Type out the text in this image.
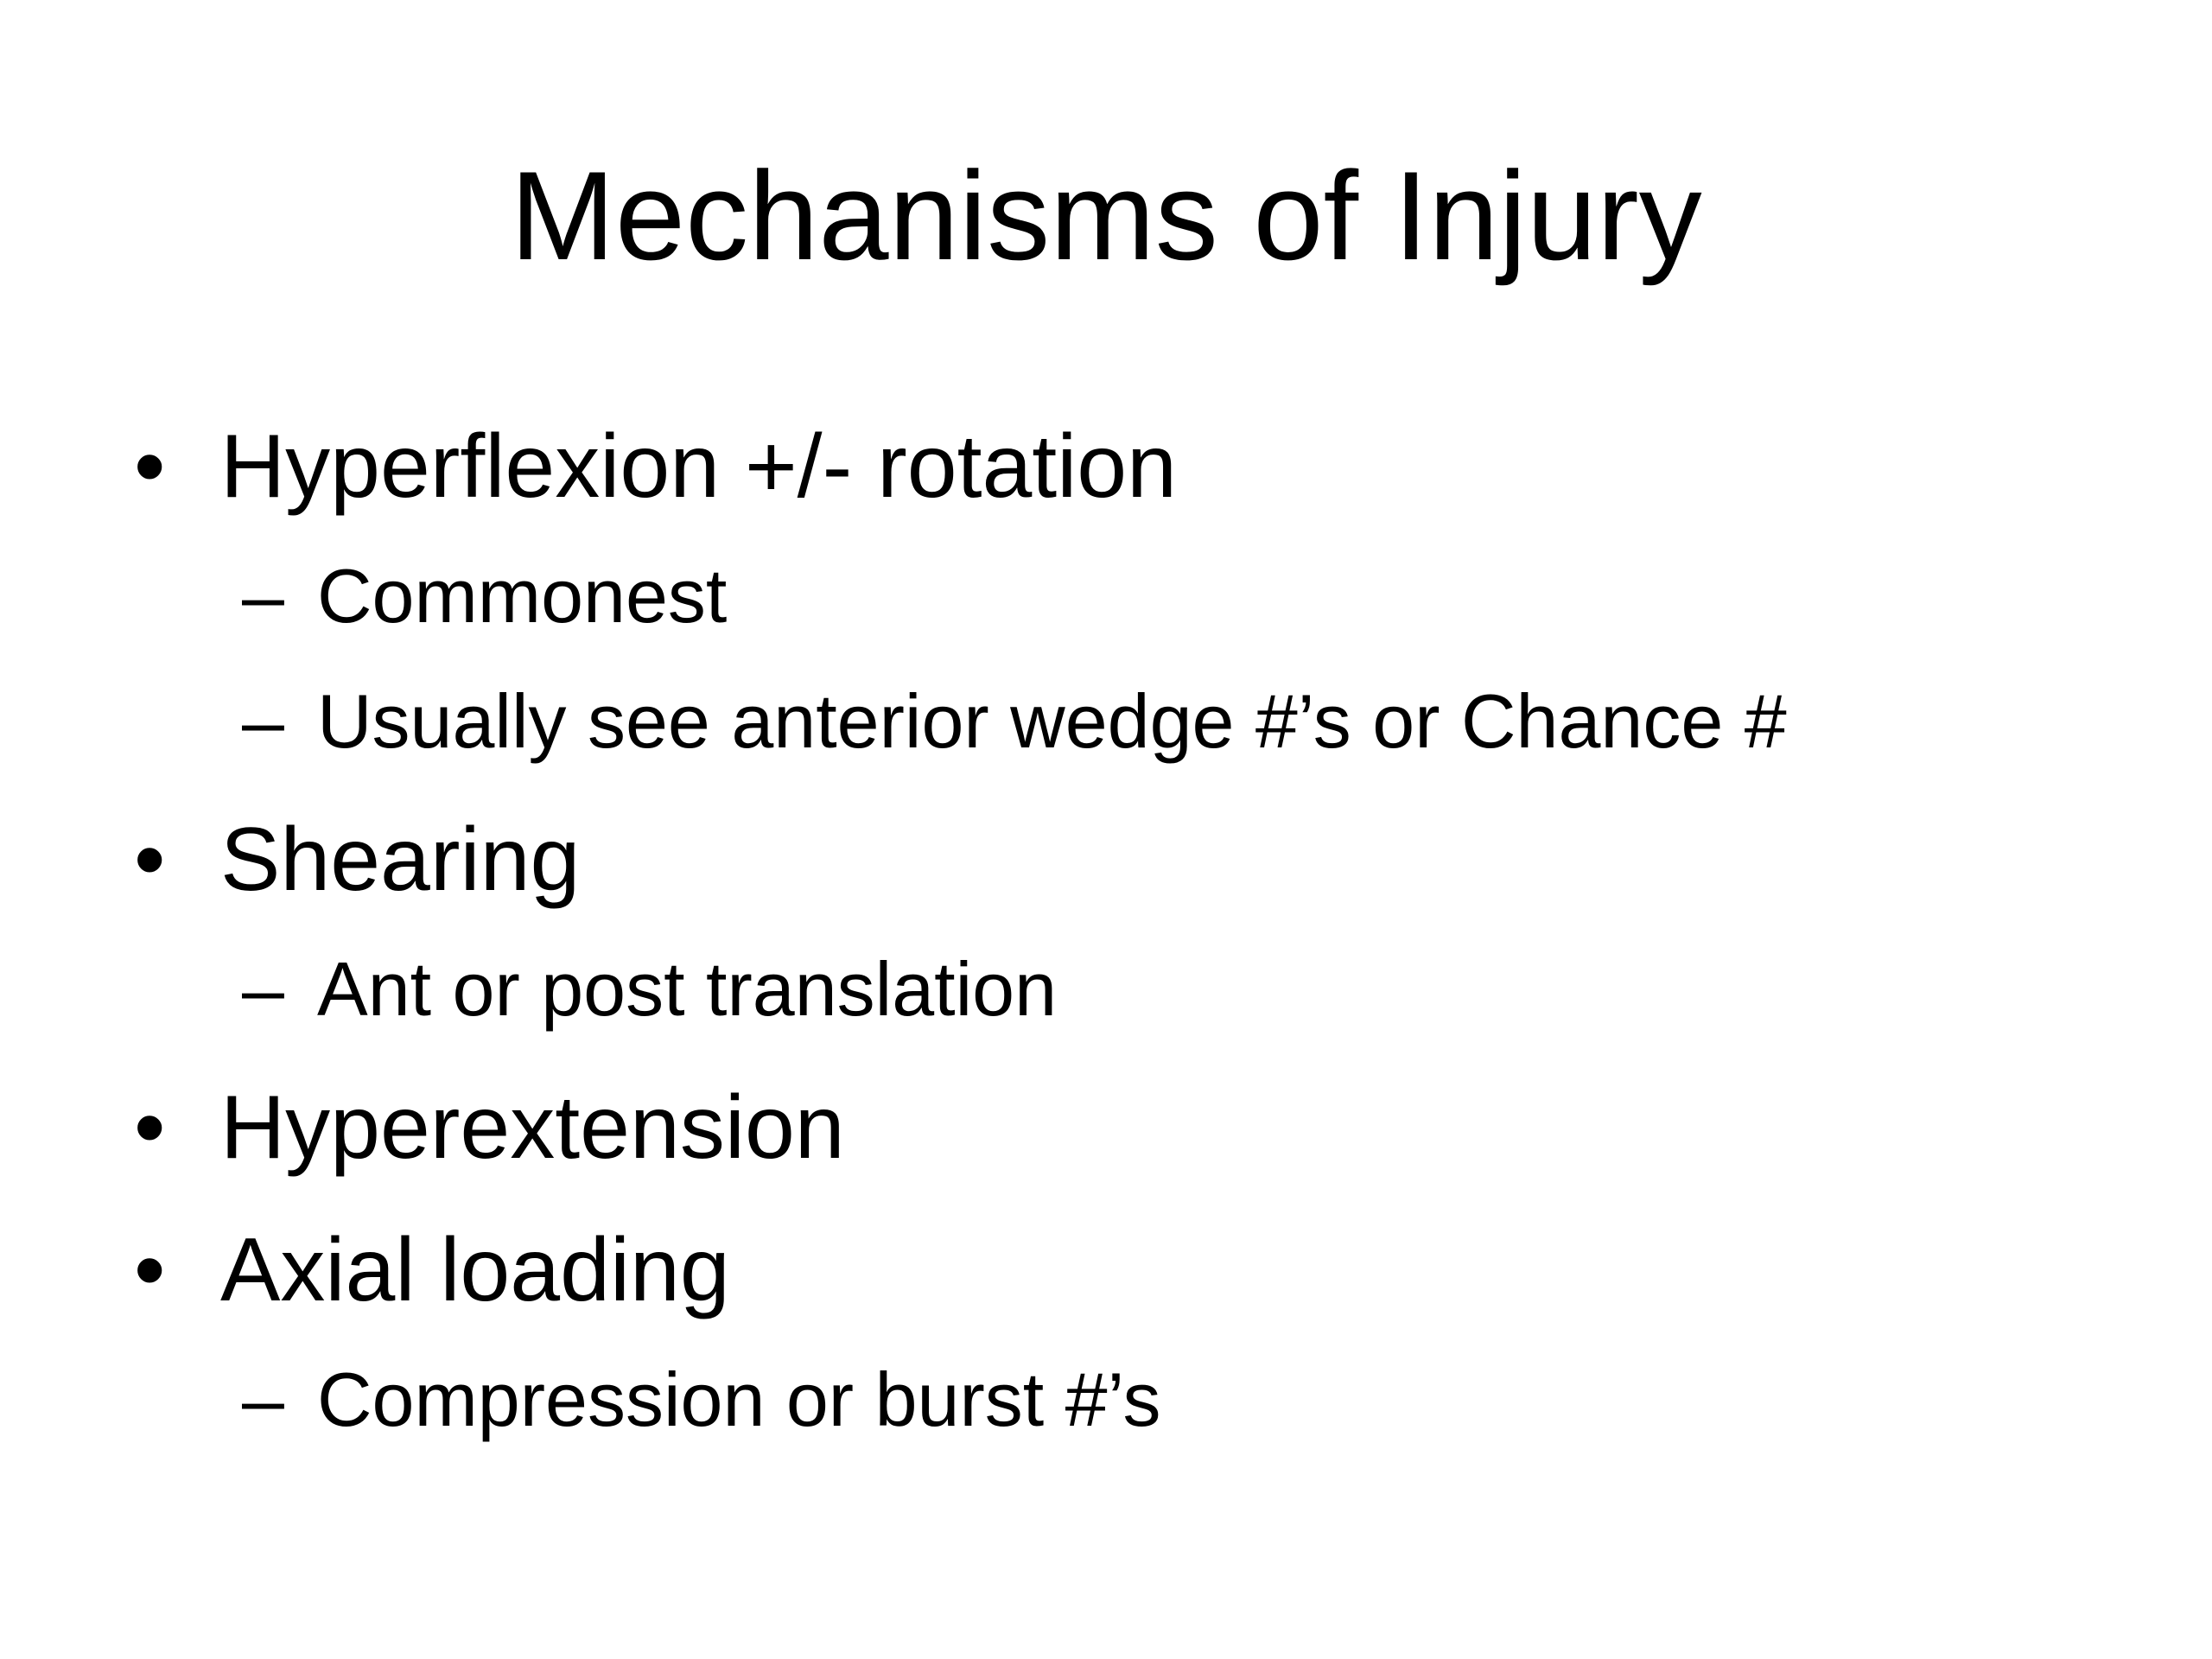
Mechanisms of Injury
• Hyperflexion +/- rotation
– Commonest
– Usually see anterior wedge #’s or Chance #
• Shearing
– Ant or post translation
• Hyperextension
• Axial loading
– Compression or burst #’s
